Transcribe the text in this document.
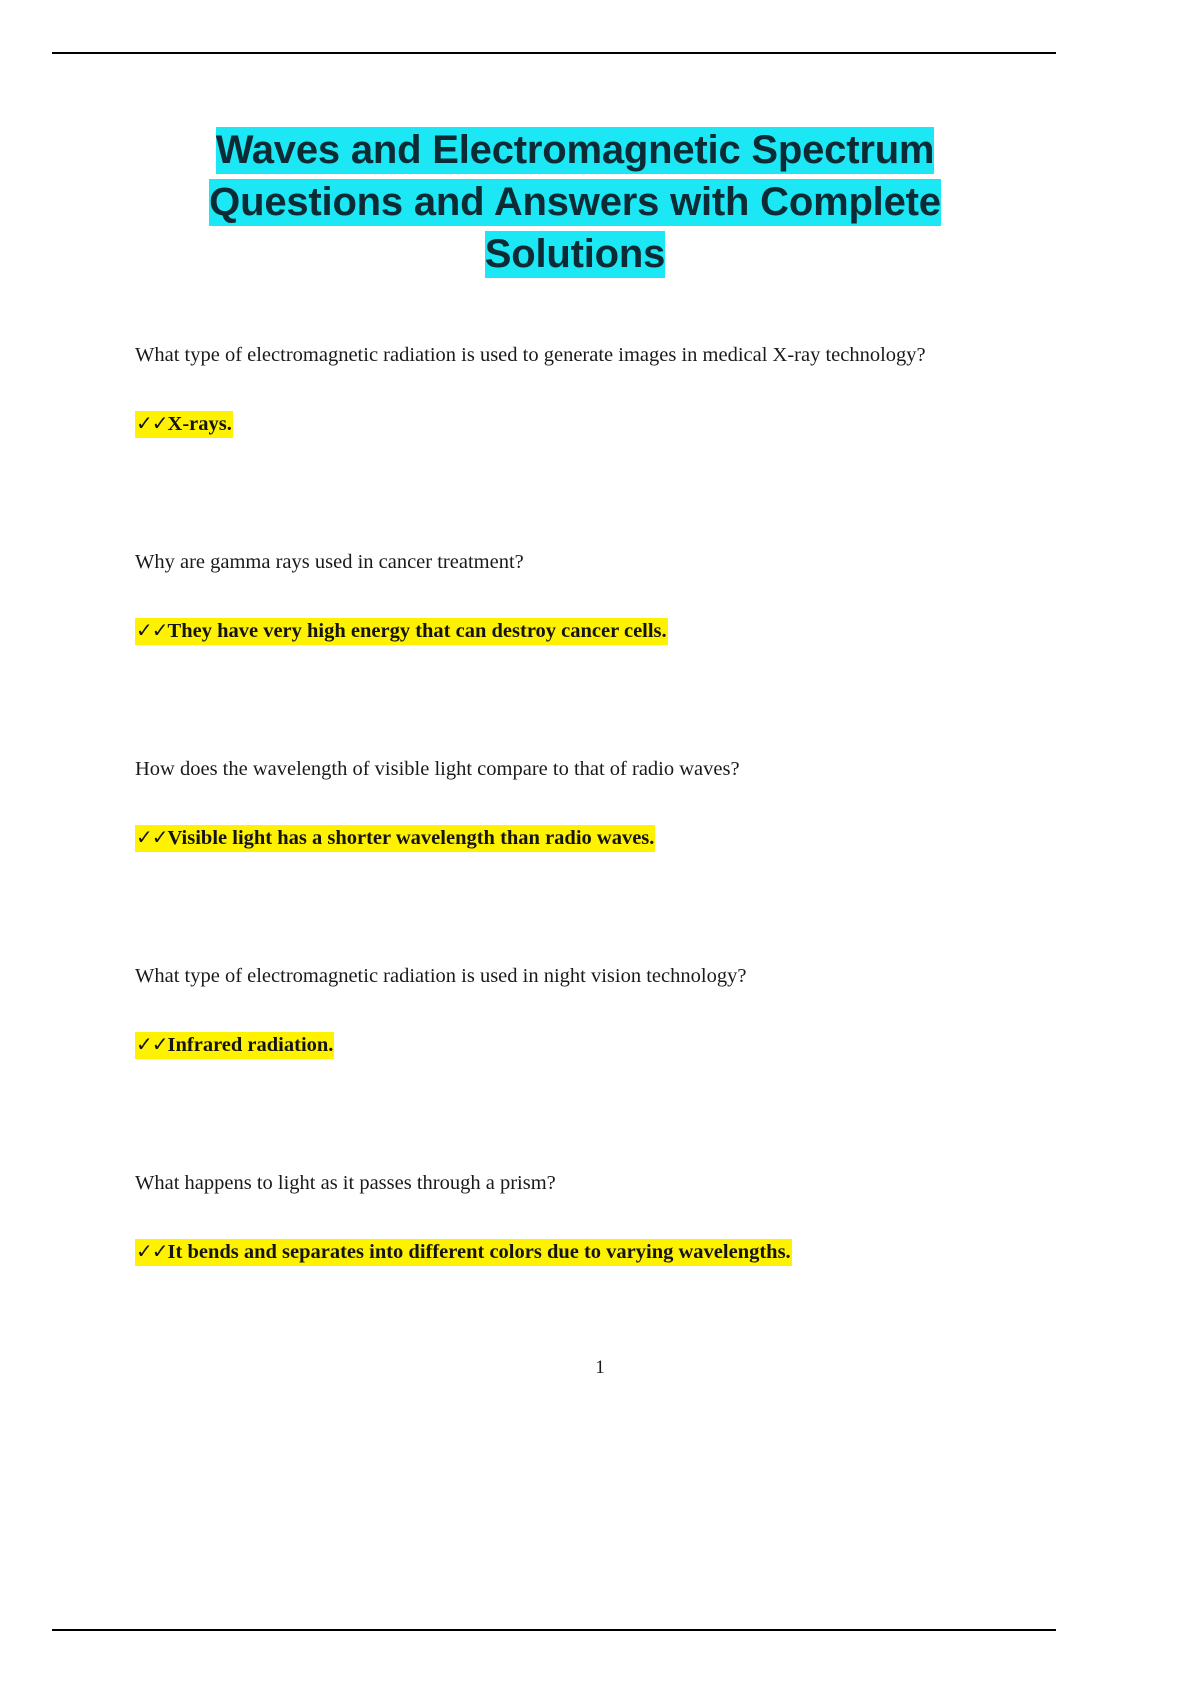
Waves and Electromagnetic Spectrum
Questions and Answers with Complete
Solutions

What type of electromagnetic radiation is used to generate images in medical X-ray technology?

✓✓X-rays.

Why are gamma rays used in cancer treatment?

✓✓They have very high energy that can destroy cancer cells.

How does the wavelength of visible light compare to that of radio waves?

✓✓Visible light has a shorter wavelength than radio waves.

What type of electromagnetic radiation is used in night vision technology?

✓✓Infrared radiation.

What happens to light as it passes through a prism?

✓✓It bends and separates into different colors due to varying wavelengths.

1
